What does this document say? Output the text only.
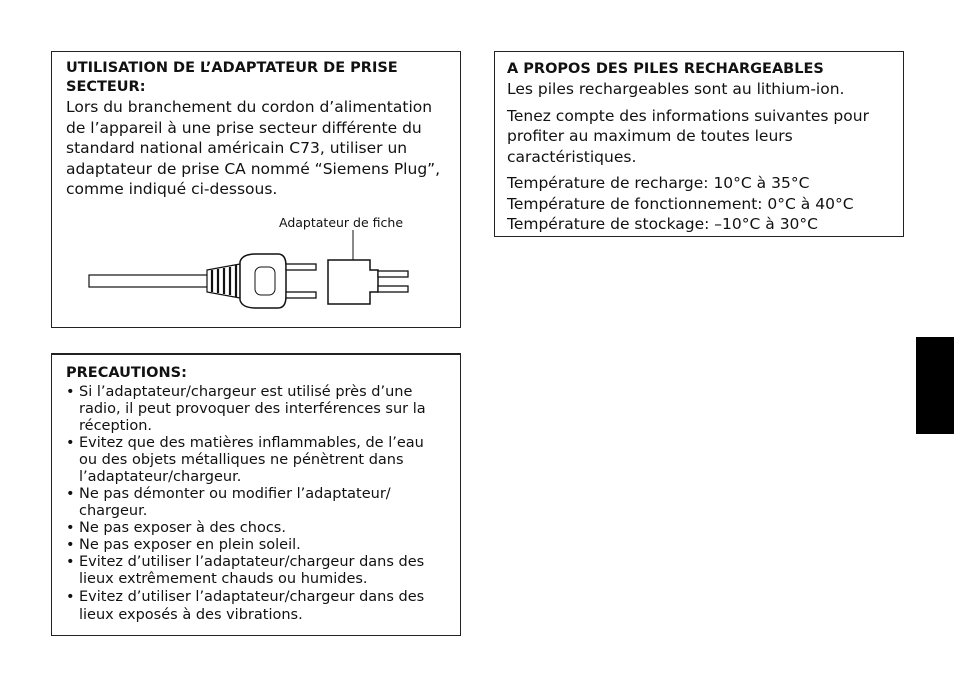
UTILISATION DE L’ADAPTATEUR DE PRISE SECTEUR:

Lors du branchement du cordon d’alimentation de l’appareil à une prise secteur différente du standard national américain C73, utiliser un adaptateur de prise CA nommé “Siemens Plug”, comme indiqué ci-dessous.

Adaptateur de fiche

PRECAUTIONS:

• Si l’adaptateur/chargeur est utilisé près d’une radio, il peut provoquer des interférences sur la réception.
• Evitez que des matières inflammables, de l’eau ou des objets métalliques ne pénètrent dans l’adaptateur/chargeur.
• Ne pas démonter ou modifier l’adaptateur/ chargeur.
• Ne pas exposer à des chocs.
• Ne pas exposer en plein soleil.
• Evitez d’utiliser l’adaptateur/chargeur dans des lieux extrêmement chauds ou humides.
• Evitez d’utiliser l’adaptateur/chargeur dans des lieux exposés à des vibrations.

A PROPOS DES PILES RECHARGEABLES

Les piles rechargeables sont au lithium-ion.

Tenez compte des informations suivantes pour profiter au maximum de toutes leurs caractéristiques.

Température de recharge: 10°C à 35°C

Température de fonctionnement: 0°C à 40°C

Température de stockage: –10°C à 30°C
